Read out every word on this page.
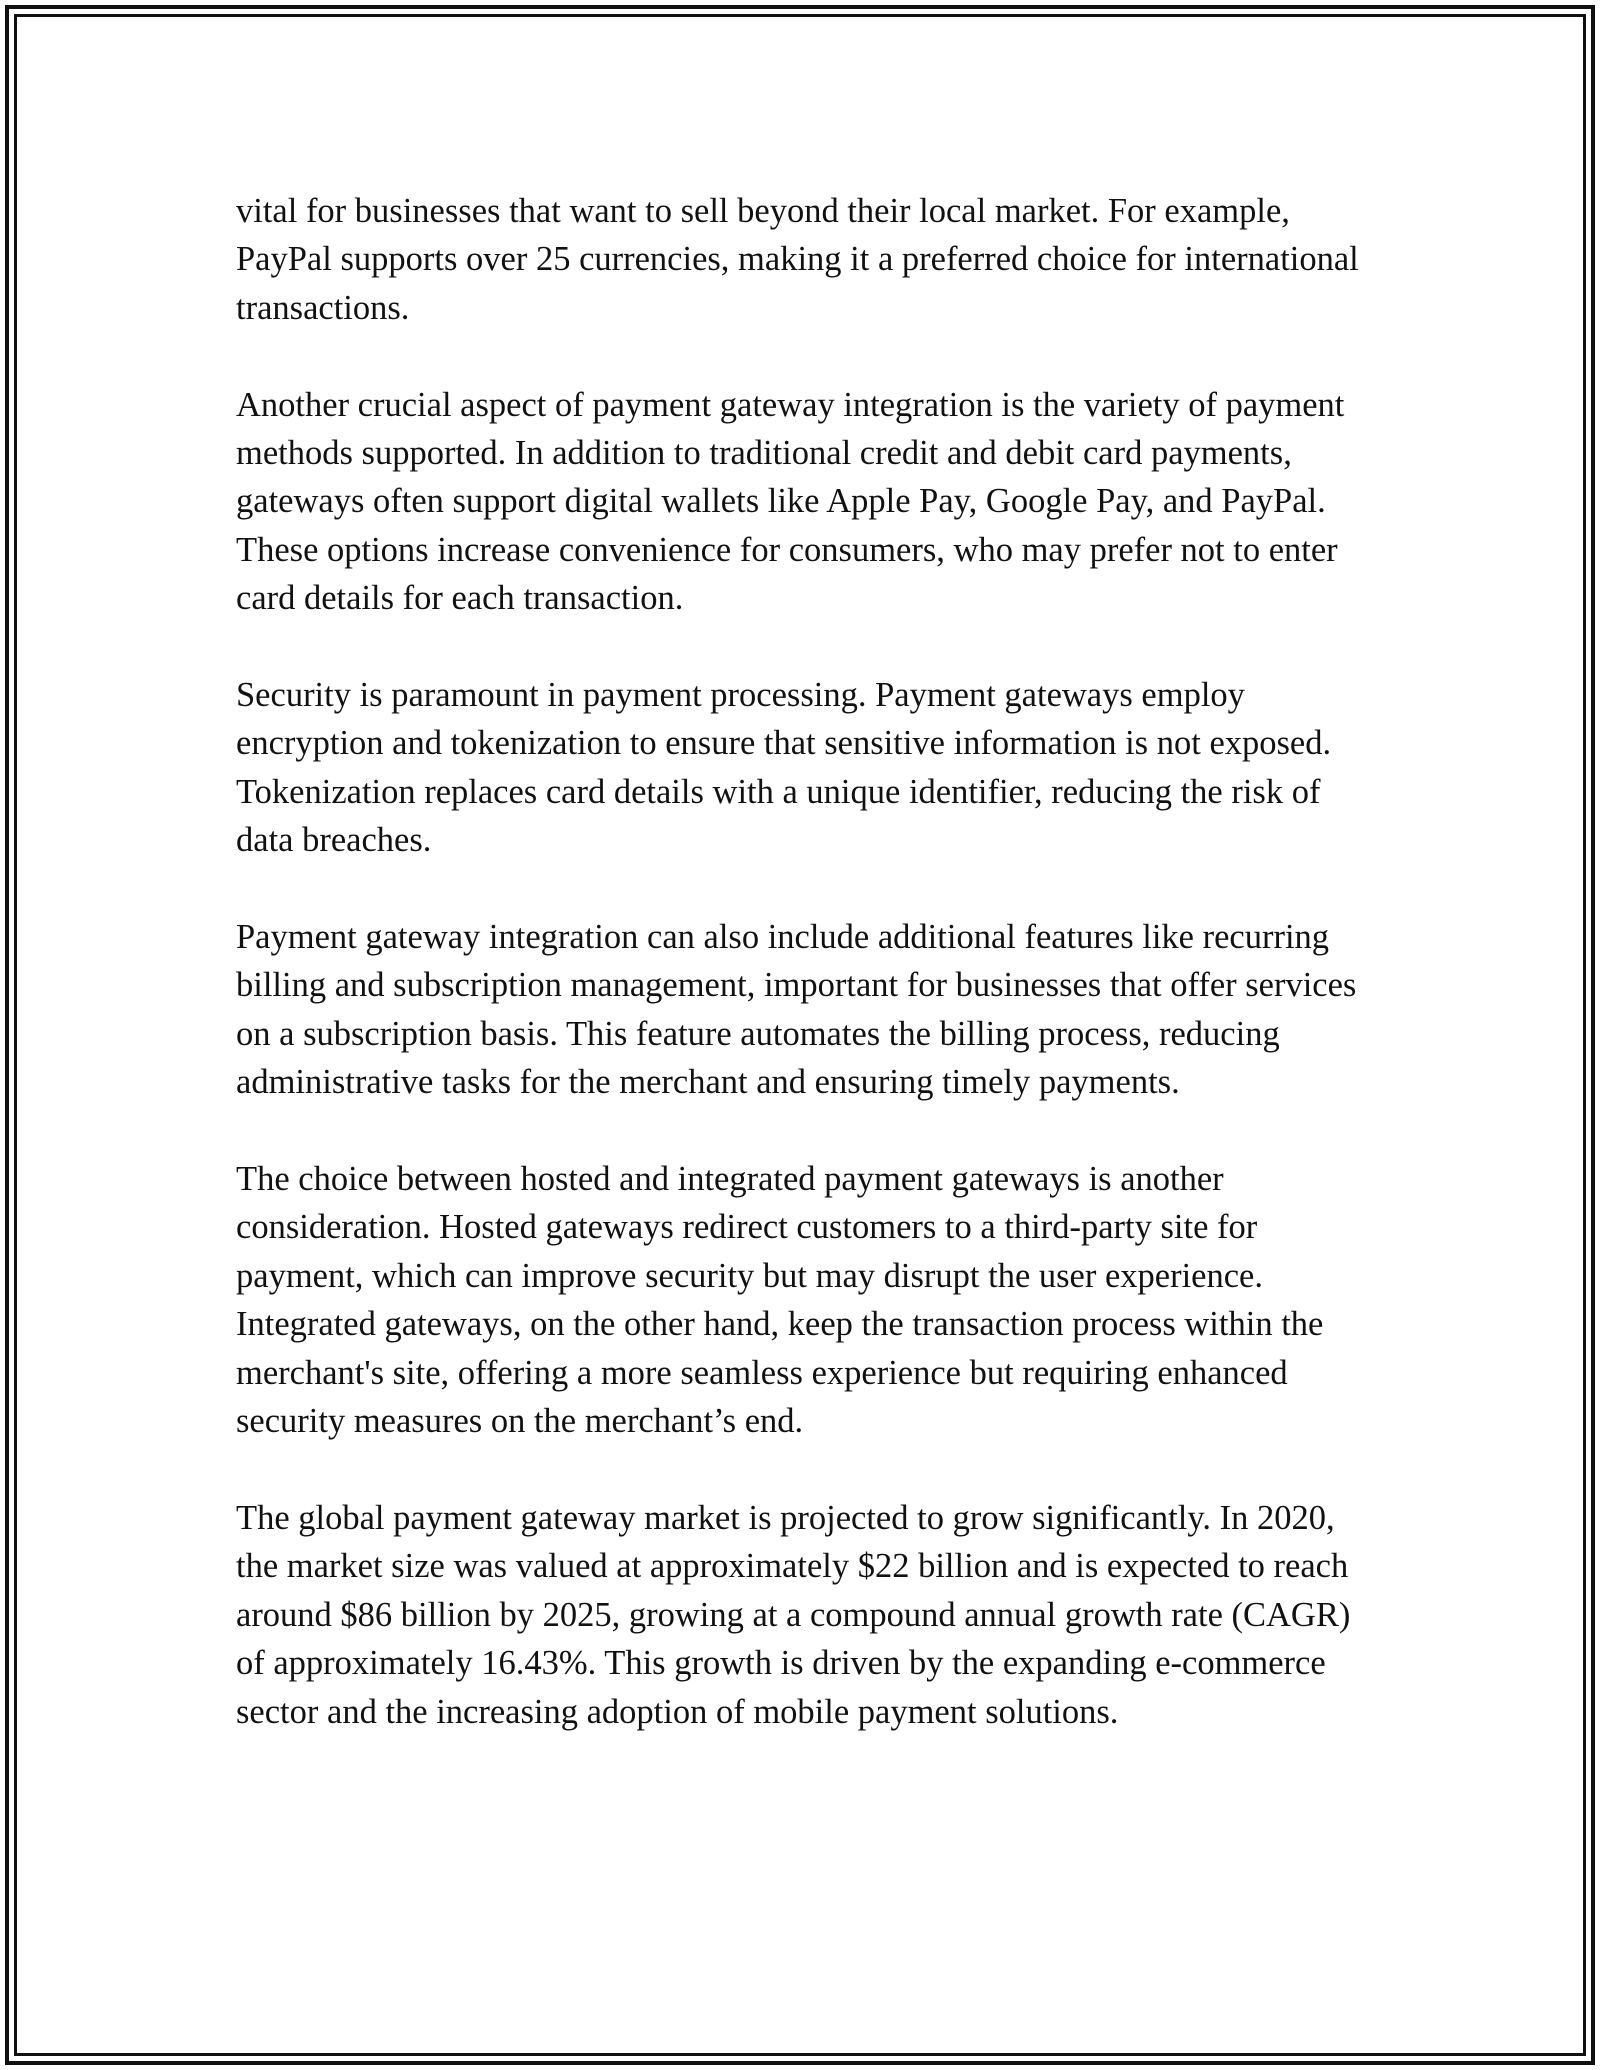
vital for businesses that want to sell beyond their local market. For example, PayPal supports over 25 currencies, making it a preferred choice for international transactions.

Another crucial aspect of payment gateway integration is the variety of payment methods supported. In addition to traditional credit and debit card payments, gateways often support digital wallets like Apple Pay, Google Pay, and PayPal. These options increase convenience for consumers, who may prefer not to enter card details for each transaction.

Security is paramount in payment processing. Payment gateways employ encryption and tokenization to ensure that sensitive information is not exposed. Tokenization replaces card details with a unique identifier, reducing the risk of data breaches.

Payment gateway integration can also include additional features like recurring billing and subscription management, important for businesses that offer services on a subscription basis. This feature automates the billing process, reducing administrative tasks for the merchant and ensuring timely payments.

The choice between hosted and integrated payment gateways is another consideration. Hosted gateways redirect customers to a third-party site for payment, which can improve security but may disrupt the user experience. Integrated gateways, on the other hand, keep the transaction process within the merchant's site, offering a more seamless experience but requiring enhanced security measures on the merchant’s end.

The global payment gateway market is projected to grow significantly. In 2020, the market size was valued at approximately $22 billion and is expected to reach around $86 billion by 2025, growing at a compound annual growth rate (CAGR) of approximately 16.43%. This growth is driven by the expanding e-commerce sector and the increasing adoption of mobile payment solutions.
